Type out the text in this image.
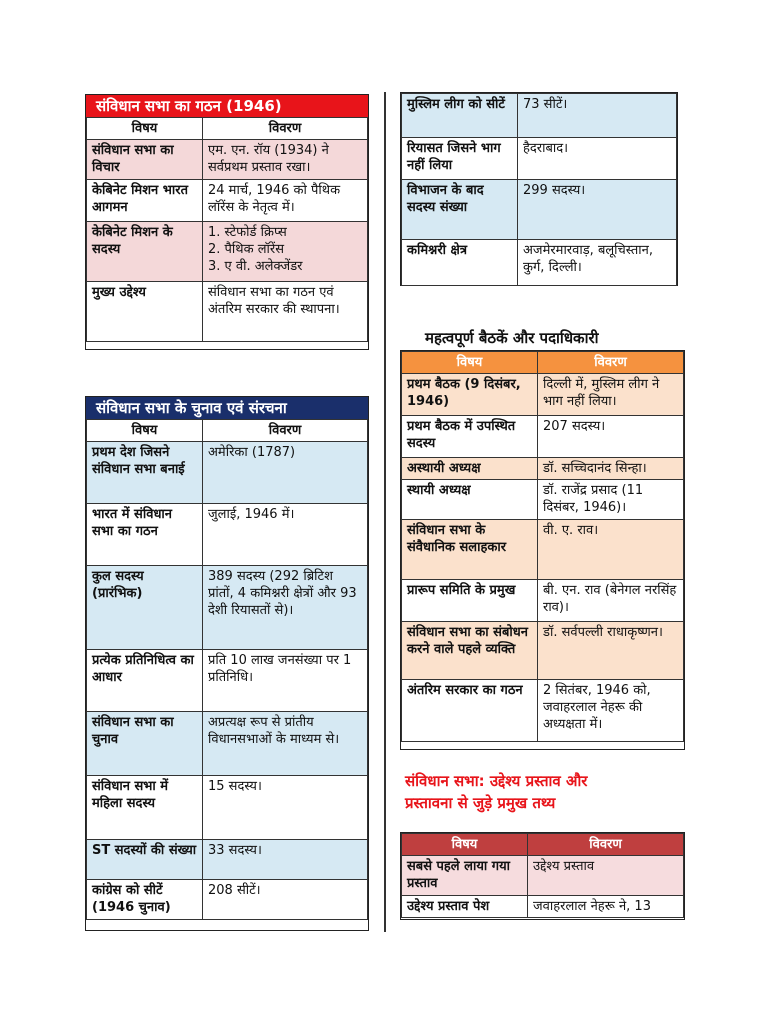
संविधान सभा का गठन (1946)
विषय	विवरण
संविधान सभा का विचार	एम. एन. रॉय (1934) ने सर्वप्रथम प्रस्ताव रखा।
केबिनेट मिशन भारत आगमन	24 मार्च, 1946 को पैथिक लॉरेंस के नेतृत्व में।
केबिनेट मिशन के सदस्य	1. स्टेफोर्ड क्रिप्स
2. पैथिक लॉरेंस
3. ए वी. अलेक्जेंडर

मुख्य उद्देश्य	संविधान सभा का गठन एवं अंतरिम सरकार की स्थापना।
संविधान सभा के चुनाव एवं संरचना
विषय	विवरण
प्रथम देश जिसने संविधान सभा बनाई	अमेरिका (1787)
भारत में संविधान सभा का गठन	जुलाई, 1946 में।
कुल सदस्य (प्रारंभिक)	389 सदस्य (292 ब्रिटिश प्रांतों, 4 कमिश्नरी क्षेत्रों और 93 देशी रियासतों से)।
प्रत्येक प्रतिनिधित्व का आधार	प्रति 10 लाख जनसंख्या पर 1 प्रतिनिधि।
संविधान सभा का चुनाव	अप्रत्यक्ष रूप से प्रांतीय विधानसभाओं के माध्यम से।
संविधान सभा में महिला सदस्य	15 सदस्य।
ST सदस्यों की संख्या	33 सदस्य।
कांग्रेस को सीटें (1946 चुनाव)	208 सीटें।
मुस्लिम लीग को सीटें	73 सीटें।
रियासत जिसने भाग नहीं लिया	हैदराबाद।
विभाजन के बाद सदस्य संख्या	299 सदस्य।
कमिश्नरी क्षेत्र	अजमेरमारवाड़, बलूचिस्तान, कुर्ग, दिल्ली।
महत्वपूर्ण बैठकें और पदाधिकारी
विषय	विवरण
प्रथम बैठक (9 दिसंबर, 1946)	दिल्ली में, मुस्लिम लीग ने भाग नहीं लिया।
प्रथम बैठक में उपस्थित सदस्य	207 सदस्य।
अस्थायी अध्यक्ष	डॉ. सच्चिदानंद सिन्हा।
स्थायी अध्यक्ष	डॉ. राजेंद्र प्रसाद (11 दिसंबर, 1946)।
संविधान सभा के संवैधानिक सलाहकार	वी. ए. राव।
प्रारूप समिति के प्रमुख	बी. एन. राव (बेनेगल नरसिंह राव)।
संविधान सभा का संबोधन करने वाले पहले व्यक्ति	डॉ. सर्वपल्ली राधाकृष्णन।
अंतरिम सरकार का गठन	2 सितंबर, 1946 को, जवाहरलाल नेहरू की अध्यक्षता में।
संविधान सभा: उद्देश्य प्रस्ताव और
प्रस्तावना से जुड़े प्रमुख तथ्य
विषय	विवरण
सबसे पहले लाया गया प्रस्ताव	उद्देश्य प्रस्ताव
उद्देश्य प्रस्ताव पेश	जवाहरलाल नेहरू ने, 13
